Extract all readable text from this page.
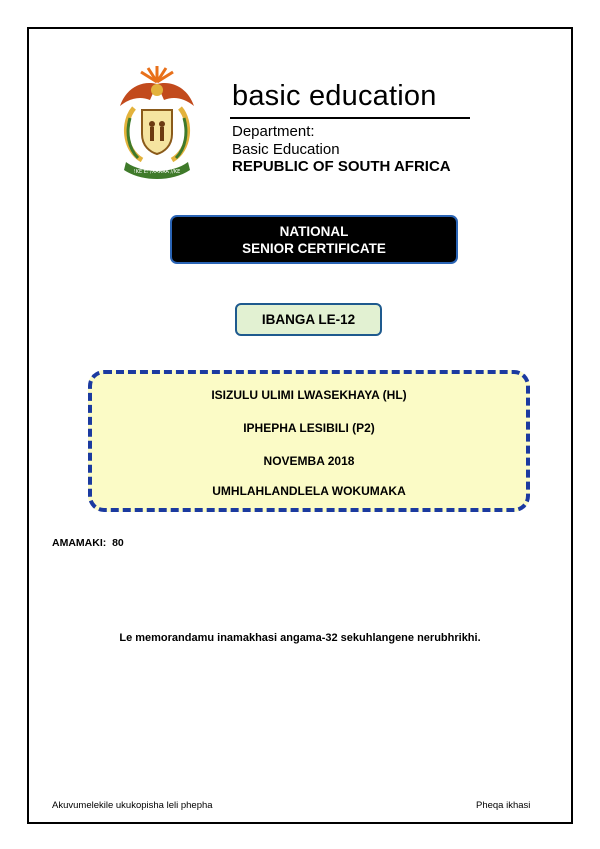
!KE E: /XARRA //KE
basic education
Department:
Basic Education
REPUBLIC OF SOUTH AFRICA
NATIONAL
SENIOR CERTIFICATE
IBANGA LE-12
ISIZULU ULIMI LWASEKHAYA (HL)
IPHEPHA LESIBILI (P2)
NOVEMBA 2018
UMHLAHLANDLELA WOKUMAKA
AMAMAKI: 80
Le memorandamu inamakhasi angama-32 sekuhlangene nerubhrikhi.
Akuvumelekile ukukopisha leli phepha	Pheqa ikhasi
